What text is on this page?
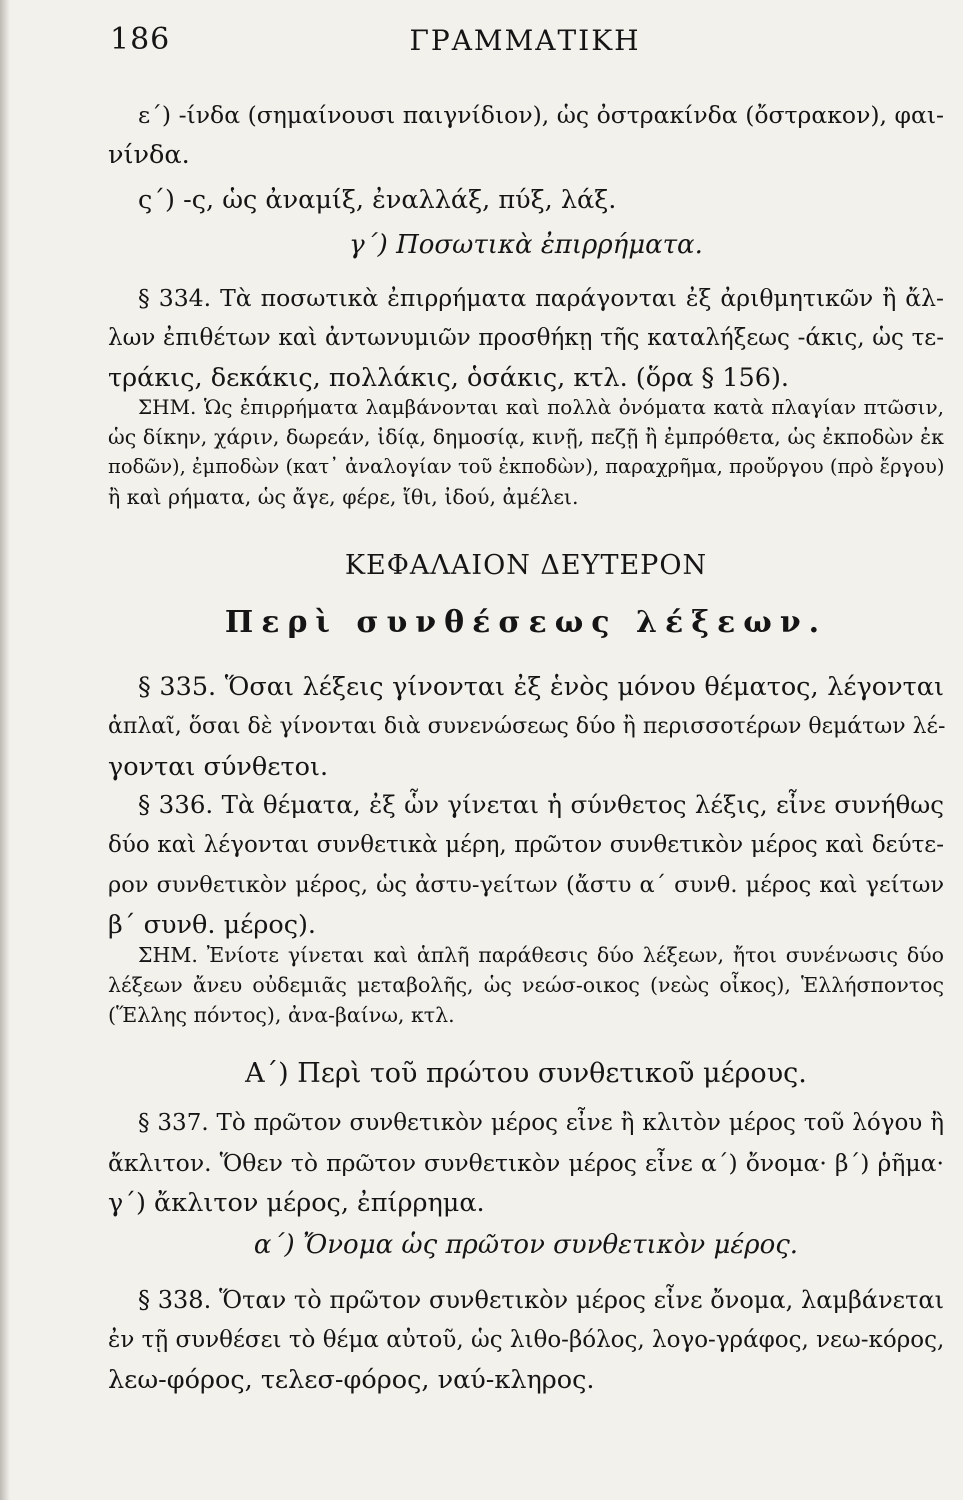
186	ΓΡΑΜΜΑΤΙΚΗ

ε΄) -ίνδα (σημαίνουσι παιγνίδιον), ὡς ὀστρακίνδα (ὄστρακον), φαι-
νίνδα.

ς΄) -ς, ὡς ἀναμίξ, ἐναλλάξ, πύξ, λάξ.

γ΄) Ποσωτικὰ ἐπιρρήματα.

§ 334. Τὰ ποσωτικὰ ἐπιρρήματα παράγονται ἐξ ἀριθμητικῶν ἢ ἄλ-
λων ἐπιθέτων καὶ ἀντωνυμιῶν προσθήκῃ τῆς καταλήξεως -άκις, ὡς τε-
τράκις, δεκάκις, πολλάκις, ὁσάκις, κτλ. (ὅρα § 156).

ΣΗΜ. Ὡς ἐπιρρήματα λαμβάνονται καὶ πολλὰ ὀνόματα κατὰ πλαγίαν πτῶσιν,
ὡς δίκην, χάριν, δωρεάν, ἰδίᾳ, δημοσίᾳ, κινῇ, πεζῇ ἢ ἐμπρόθετα, ὡς ἐκποδὼν ἐκ
ποδῶν), ἐμποδὼν (κατ᾽ ἀναλογίαν τοῦ ἐκποδὼν), παραχρῆμα, προὔργου (πρὸ ἔργου)
ἢ καὶ ρήματα, ὡς ἄγε, φέρε, ἴθι, ἰδού, ἀμέλει.

ΚΕΦΑΛΑΙΟΝ ΔΕΥΤΕΡΟΝ

Περὶ συνθέσεως λέξεων.

§ 335. Ὅσαι λέξεις γίνονται ἐξ ἑνὸς μόνου θέματος, λέγονται
ἁπλαῖ, ὅσαι δὲ γίνονται διὰ συνενώσεως δύο ἢ περισσοτέρων θεμάτων λέ-
γονται σύνθετοι.

§ 336. Τὰ θέματα, ἐξ ὧν γίνεται ἡ σύνθετος λέξις, εἶνε συνήθως
δύο καὶ λέγονται συνθετικὰ μέρη, πρῶτον συνθετικὸν μέρος καὶ δεύτε-
ρον συνθετικὸν μέρος, ὡς ἀστυ-γείτων (ἄστυ α΄ συνθ. μέρος καὶ γείτων
β΄ συνθ. μέρος).

ΣΗΜ. Ἐνίοτε γίνεται καὶ ἁπλῆ παράθεσις δύο λέξεων, ἤτοι συνένωσις δύο
λέξεων ἄνευ οὐδεμιᾶς μεταβολῆς, ὡς νεώσ-οικος (νεὼς οἶκος), Ἑλλήσποντος
(Ἕλλης πόντος), ἀνα-βαίνω, κτλ.

Α΄) Περὶ τοῦ πρώτου συνθετικοῦ μέρους.

§ 337. Τὸ πρῶτον συνθετικὸν μέρος εἶνε ἢ κλιτὸν μέρος τοῦ λόγου ἢ
ἄκλιτον. Ὅθεν τὸ πρῶτον συνθετικὸν μέρος εἶνε α΄) ὄνομα· β΄) ῥῆμα·
γ΄) ἄκλιτον μέρος, ἐπίρρημα.

α΄) Ὄνομα ὡς πρῶτον συνθετικὸν μέρος.

§ 338. Ὅταν τὸ πρῶτον συνθετικὸν μέρος εἶνε ὄνομα, λαμβάνεται
ἐν τῇ συνθέσει τὸ θέμα αὐτοῦ, ὡς λιθο-βόλος, λογο-γράφος, νεω-κόρος,
λεω-φόρος, τελεσ-φόρος, ναύ-κληρος.
